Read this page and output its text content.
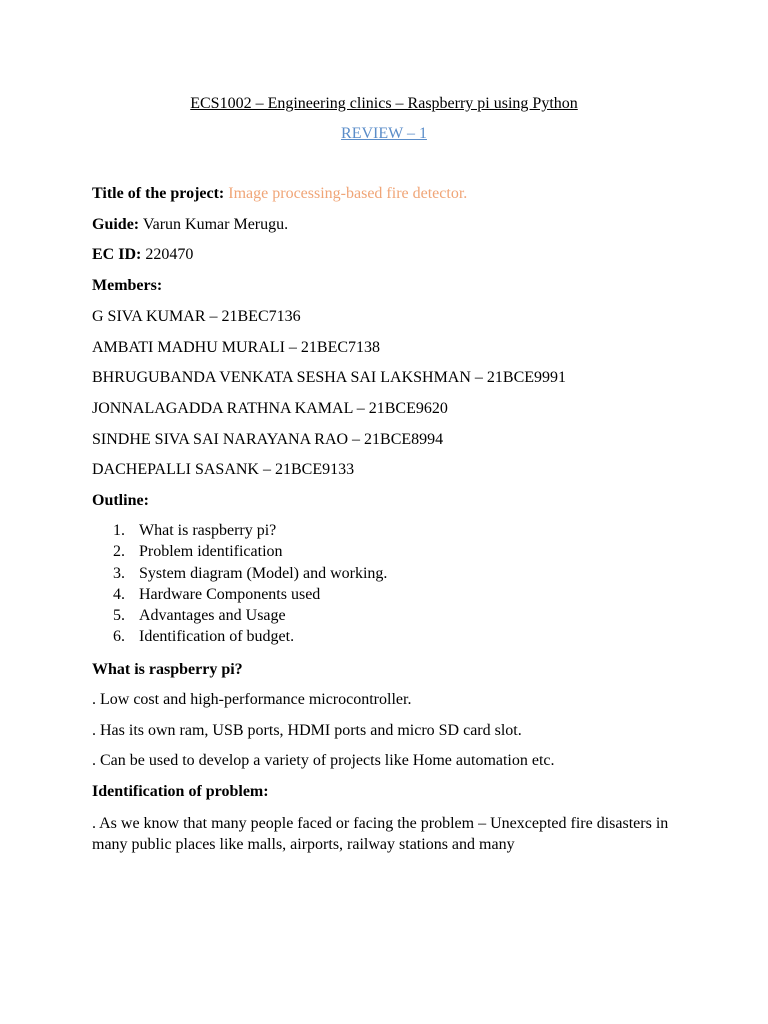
ECS1002 – Engineering clinics – Raspberry pi using Python
REVIEW – 1
Title of the project: Image processing-based fire detector.
Guide: Varun Kumar Merugu.
EC ID: 220470
Members:
G SIVA KUMAR – 21BEC7136
AMBATI MADHU MURALI – 21BEC7138
BHRUGUBANDA VENKATA SESHA SAI LAKSHMAN – 21BCE9991
JONNALAGADDA RATHNA KAMAL – 21BCE9620
SINDHE SIVA SAI NARAYANA RAO – 21BCE8994
DACHEPALLI SASANK – 21BCE9133
Outline:
1. What is raspberry pi?
2. Problem identification
3. System diagram (Model) and working.
4. Hardware Components used
5. Advantages and Usage
6. Identification of budget.
What is raspberry pi?
. Low cost and high-performance microcontroller.
. Has its own ram, USB ports, HDMI ports and micro SD card slot.
. Can be used to develop a variety of projects like Home automation etc.
Identification of problem:
. As we know that many people faced or facing the problem – Unexcepted fire disasters in many public places like malls, airports, railway stations and many
